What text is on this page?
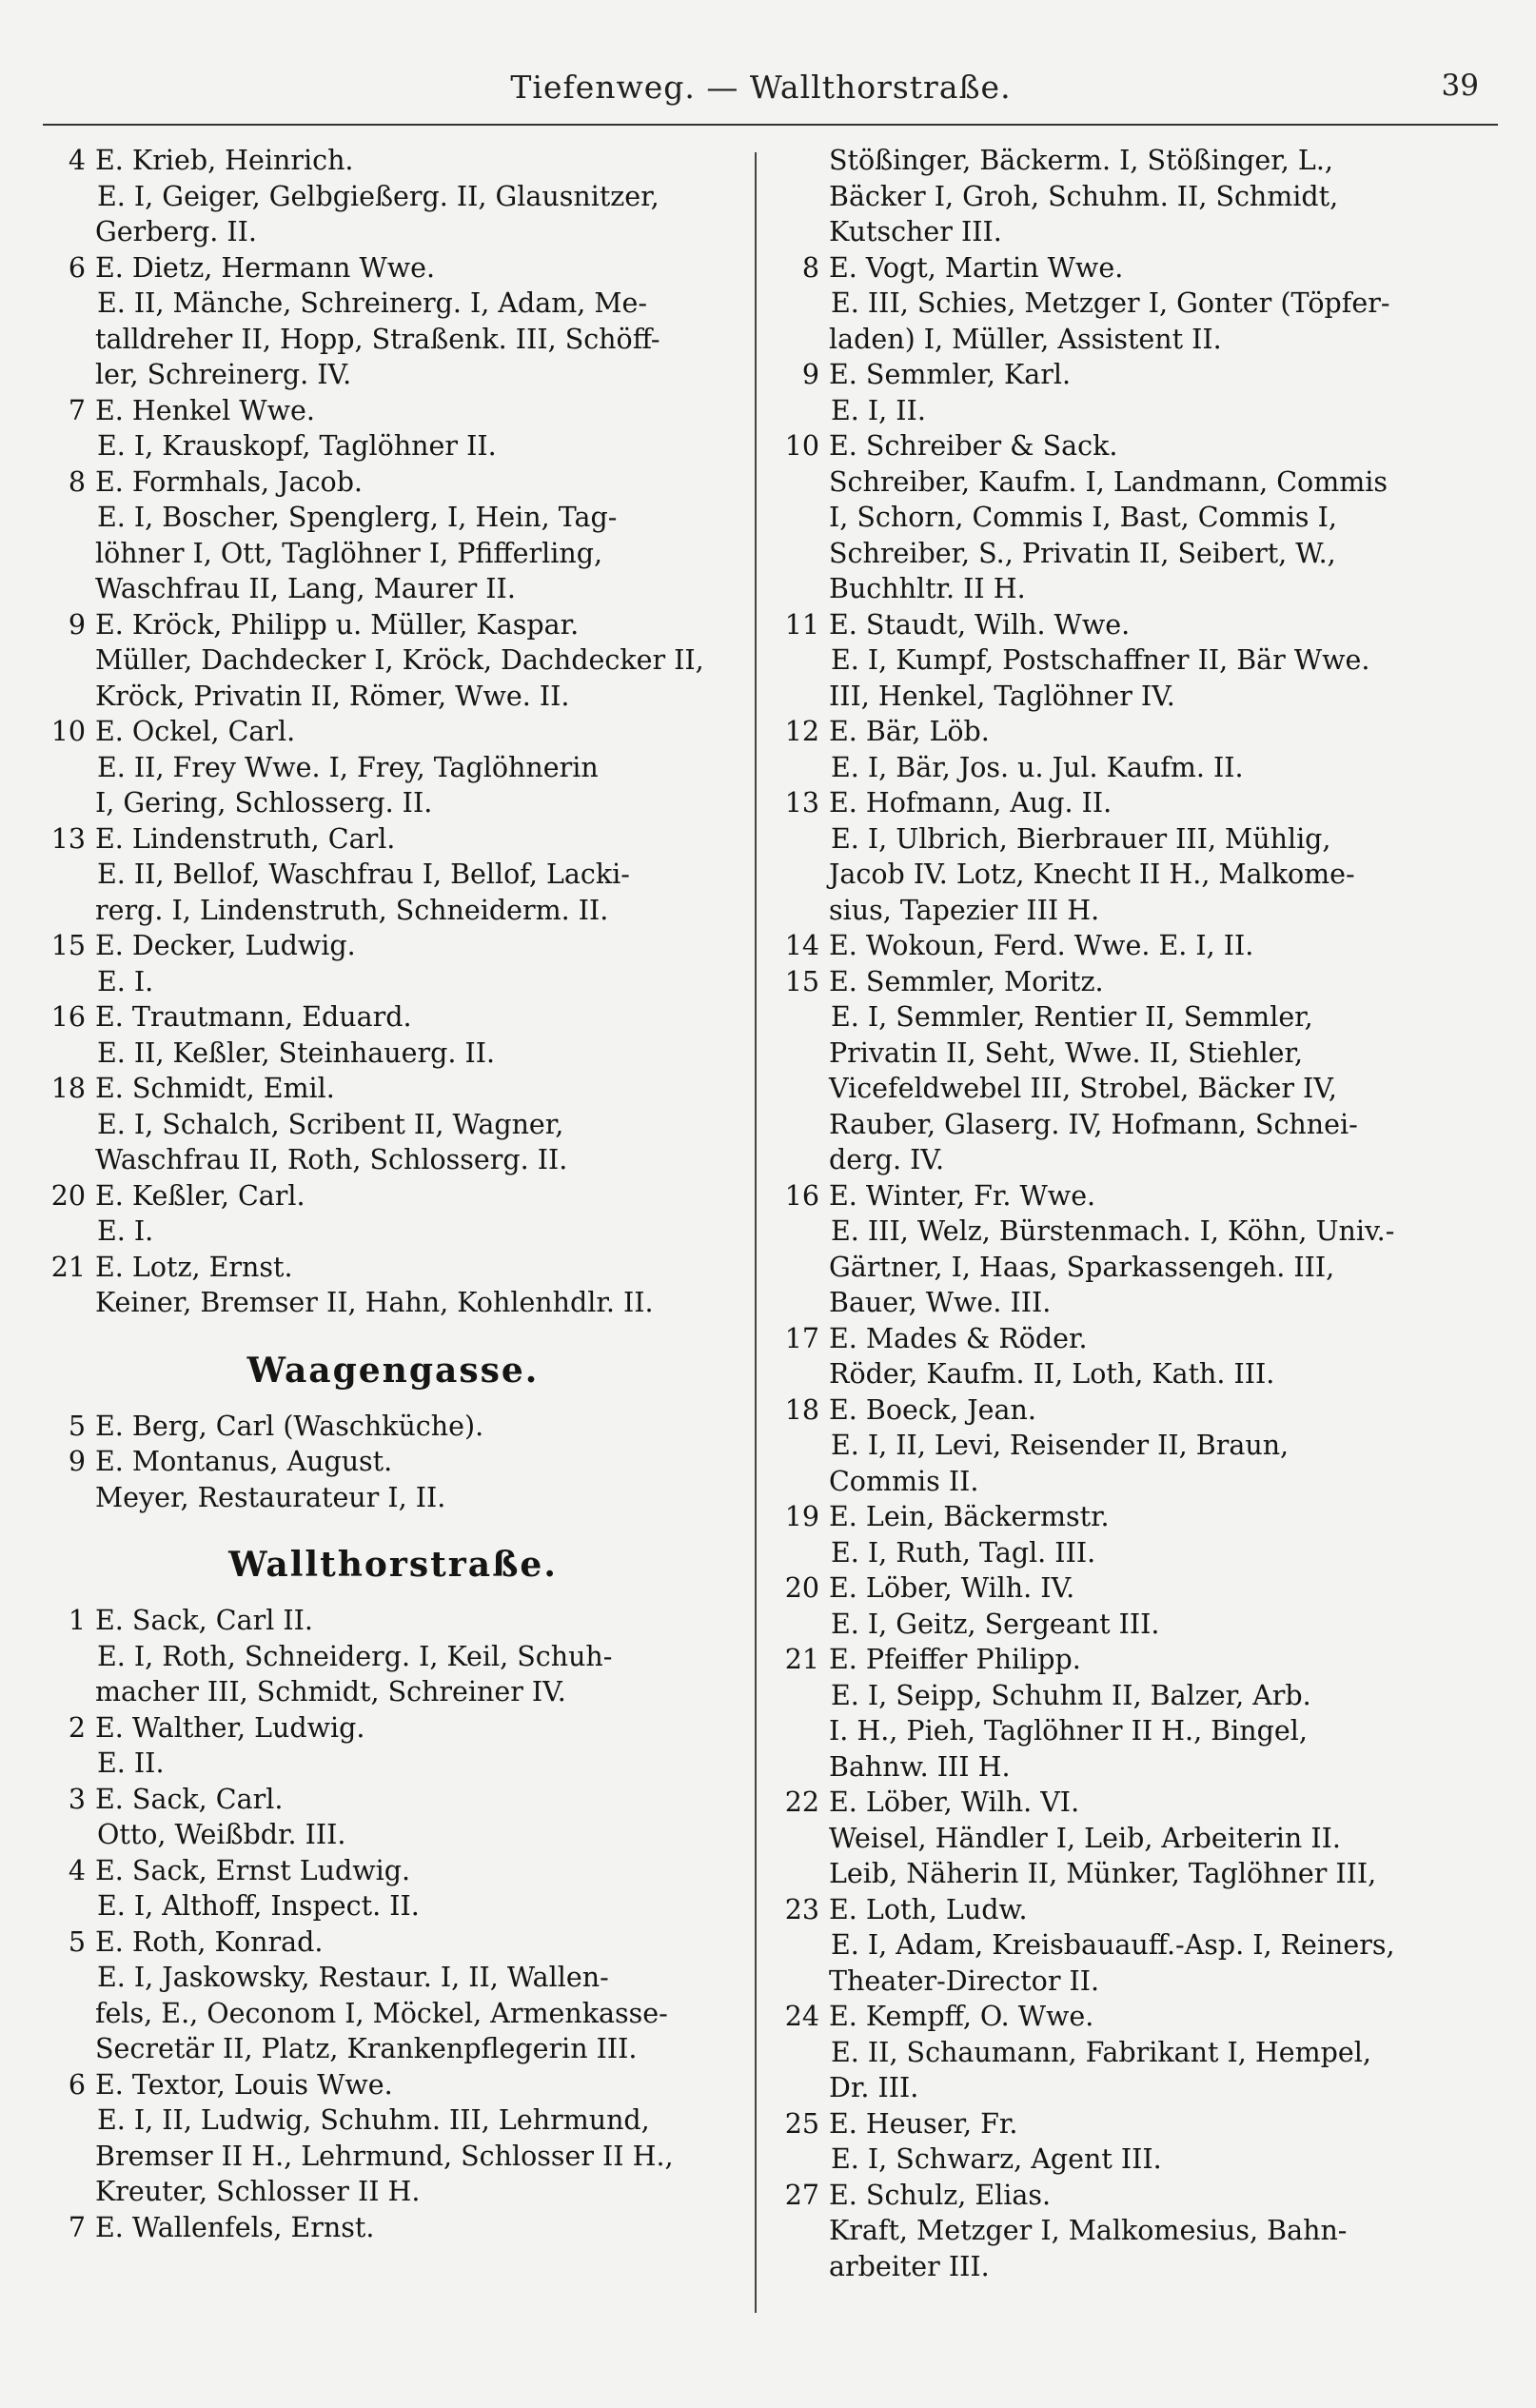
Tiefenweg. — Wallthorstraße.	39
4 E. Krieb, Heinrich.
E. I, Geiger, Gelbgießerg. II, Glausnitzer,
Gerberg. II.
6 E. Dietz, Hermann Wwe.
E. II, Mänche, Schreinerg. I, Adam, Me-
talldreher II, Hopp, Straßenk. III, Schöff-
ler, Schreinerg. IV.
7 E. Henkel Wwe.
E. I, Krauskopf, Taglöhner II.
8 E. Formhals, Jacob.
E. I, Boscher, Spenglerg, I, Hein, Tag-
löhner I, Ott, Taglöhner I, Pfifferling,
Waschfrau II, Lang, Maurer II.
9 E. Kröck, Philipp u. Müller, Kaspar.
Müller, Dachdecker I, Kröck, Dachdecker II,
Kröck, Privatin II, Römer, Wwe. II.
10 E. Ockel, Carl.
E. II, Frey Wwe. I, Frey, Taglöhnerin
I, Gering, Schlosserg. II.
13 E. Lindenstruth, Carl.
E. II, Bellof, Waschfrau I, Bellof, Lacki-
rerg. I, Lindenstruth, Schneiderm. II.
15 E. Decker, Ludwig.
E. I.
16 E. Trautmann, Eduard.
E. II, Keßler, Steinhauerg. II.
18 E. Schmidt, Emil.
E. I, Schalch, Scribent II, Wagner,
Waschfrau II, Roth, Schlosserg. II.
20 E. Keßler, Carl.
E. I.
21 E. Lotz, Ernst.
Keiner, Bremser II, Hahn, Kohlenhdlr. II.
Waagengasse.
5 E. Berg, Carl (Waschküche).
9 E. Montanus, August.
Meyer, Restaurateur I, II.
Wallthorstraße.
1 E. Sack, Carl II.
E. I, Roth, Schneiderg. I, Keil, Schuh-
macher III, Schmidt, Schreiner IV.
2 E. Walther, Ludwig.
E. II.
3 E. Sack, Carl.
Otto, Weißbdr. III.
4 E. Sack, Ernst Ludwig.
E. I, Althoff, Inspect. II.
5 E. Roth, Konrad.
E. I, Jaskowsky, Restaur. I, II, Wallen-
fels, E., Oeconom I, Möckel, Armenkasse-
Secretär II, Platz, Krankenpflegerin III.
6 E. Textor, Louis Wwe.
E. I, II, Ludwig, Schuhm. III, Lehrmund,
Bremser II H., Lehrmund, Schlosser II H.,
Kreuter, Schlosser II H.
7 E. Wallenfels, Ernst.
Stößinger, Bäckerm. I, Stößinger, L.,
Bäcker I, Groh, Schuhm. II, Schmidt,
Kutscher III.
8 E. Vogt, Martin Wwe.
E. III, Schies, Metzger I, Gonter (Töpfer-
laden) I, Müller, Assistent II.
9 E. Semmler, Karl.
E. I, II.
10 E. Schreiber & Sack.
Schreiber, Kaufm. I, Landmann, Commis
I, Schorn, Commis I, Bast, Commis I,
Schreiber, S., Privatin II, Seibert, W.,
Buchhltr. II H.
11 E. Staudt, Wilh. Wwe.
E. I, Kumpf, Postschaffner II, Bär Wwe.
III, Henkel, Taglöhner IV.
12 E. Bär, Löb.
E. I, Bär, Jos. u. Jul. Kaufm. II.
13 E. Hofmann, Aug. II.
E. I, Ulbrich, Bierbrauer III, Mühlig,
Jacob IV. Lotz, Knecht II H., Malkome-
sius, Tapezier III H.
14 E. Wokoun, Ferd. Wwe. E. I, II.
15 E. Semmler, Moritz.
E. I, Semmler, Rentier II, Semmler,
Privatin II, Seht, Wwe. II, Stiehler,
Vicefeldwebel III, Strobel, Bäcker IV,
Rauber, Glaserg. IV, Hofmann, Schnei-
derg. IV.
16 E. Winter, Fr. Wwe.
E. III, Welz, Bürstenmach. I, Köhn, Univ.-
Gärtner, I, Haas, Sparkassengeh. III,
Bauer, Wwe. III.
17 E. Mades & Röder.
Röder, Kaufm. II, Loth, Kath. III.
18 E. Boeck, Jean.
E. I, II, Levi, Reisender II, Braun,
Commis II.
19 E. Lein, Bäckermstr.
E. I, Ruth, Tagl. III.
20 E. Löber, Wilh. IV.
E. I, Geitz, Sergeant III.
21 E. Pfeiffer Philipp.
E. I, Seipp, Schuhm II, Balzer, Arb.
I. H., Pieh, Taglöhner II H., Bingel,
Bahnw. III H.
22 E. Löber, Wilh. VI.
Weisel, Händler I, Leib, Arbeiterin II.
Leib, Näherin II, Münker, Taglöhner III,
23 E. Loth, Ludw.
E. I, Adam, Kreisbauauff.-Asp. I, Reiners,
Theater-Director II.
24 E. Kempff, O. Wwe.
E. II, Schaumann, Fabrikant I, Hempel,
Dr. III.
25 E. Heuser, Fr.
E. I, Schwarz, Agent III.
27 E. Schulz, Elias.
Kraft, Metzger I, Malkomesius, Bahn-
arbeiter III.
